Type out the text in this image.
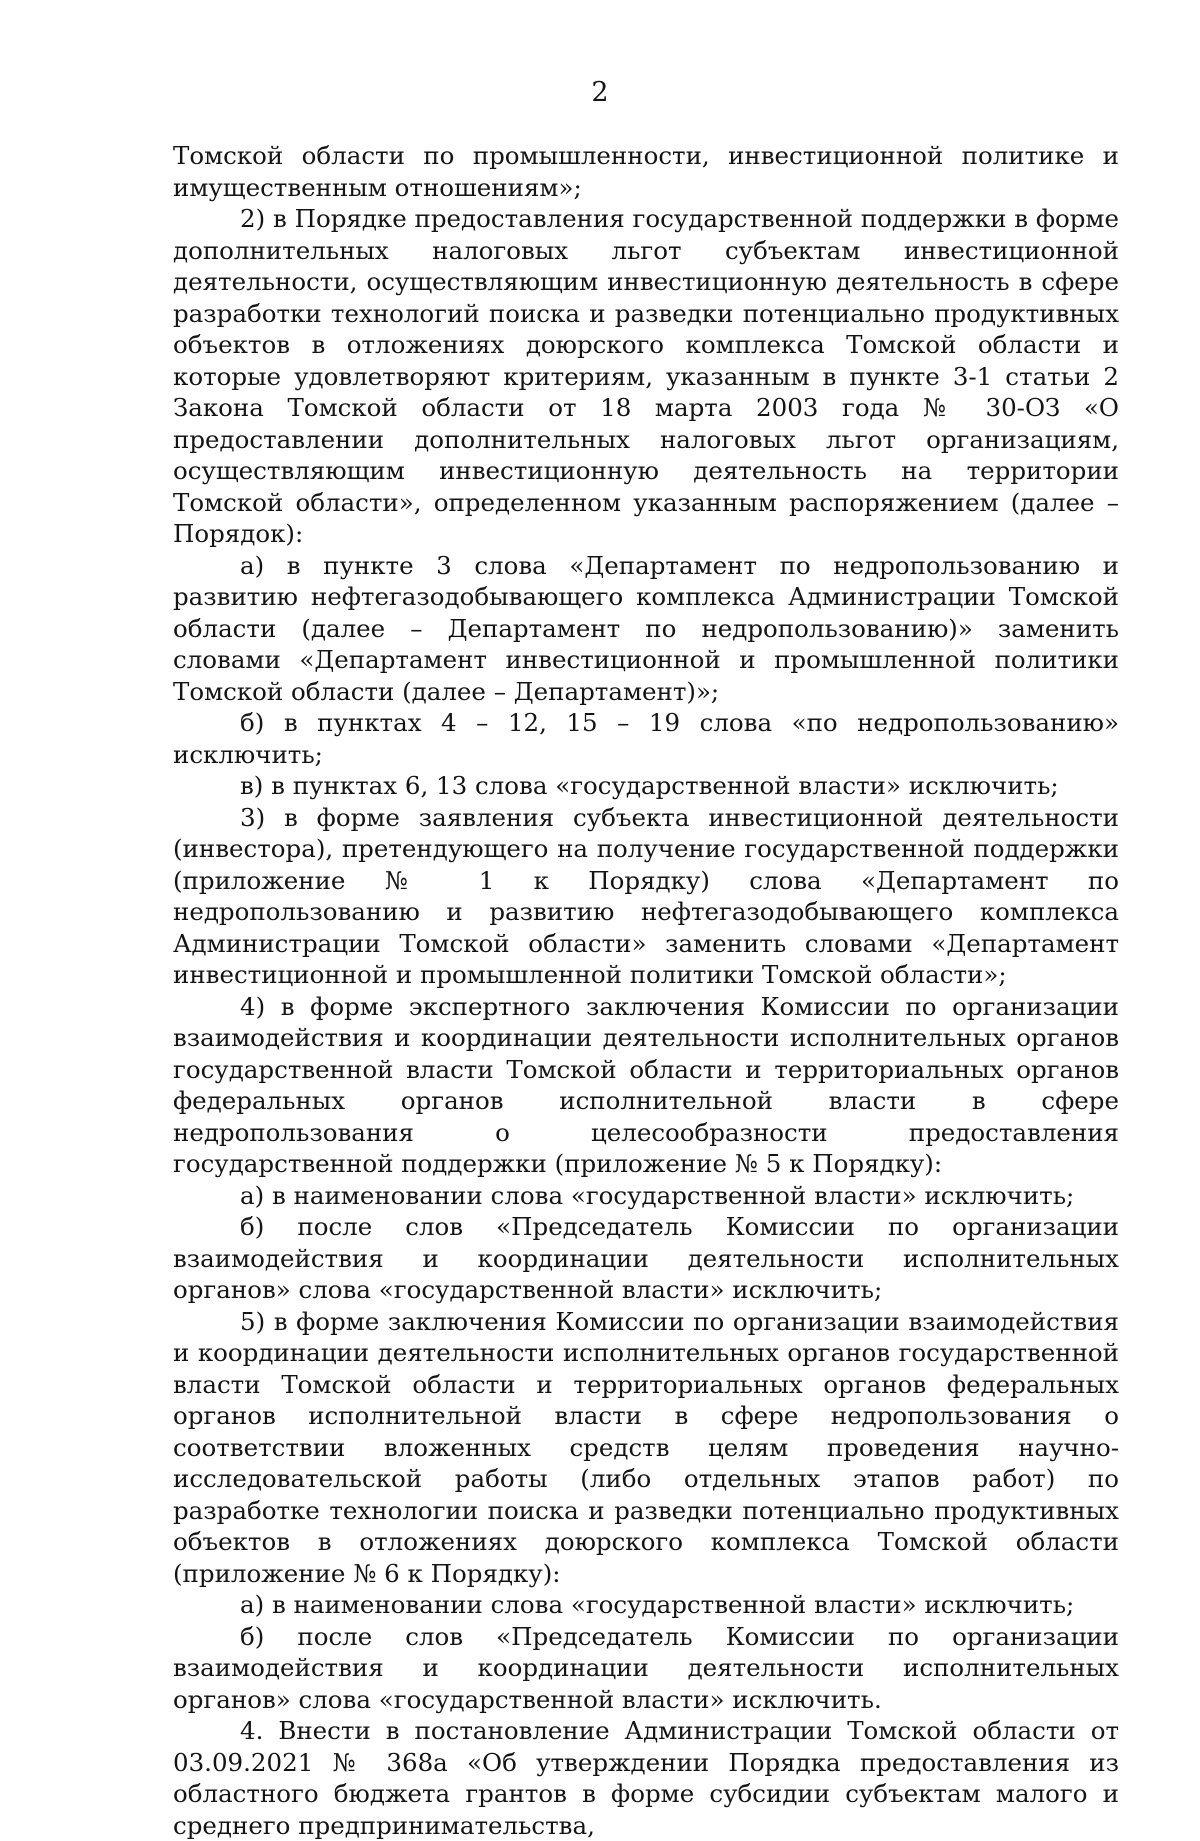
2

Томской области по промышленности, инвестиционной политике и имущественным отношениям»;

2) в Порядке предоставления государственной поддержки в форме дополнительных налоговых льгот субъектам инвестиционной деятельности, осуществляющим инвестиционную деятельность в сфере разработки технологий поиска и разведки потенциально продуктивных объектов в отложениях доюрского комплекса Томской области и которые удовлетворяют критериям, указанным в пункте 3-1 статьи 2 Закона Томской области от 18 марта 2003 года № 30-ОЗ «О предоставлении дополнительных налоговых льгот организациям, осуществляющим инвестиционную деятельность на территории Томской области», определенном указанным распоряжением (далее – Порядок):

а) в пункте 3 слова «Департамент по недропользованию и развитию нефтегазодобывающего комплекса Администрации Томской области (далее – Департамент по недропользованию)» заменить словами «Департамент инвестиционной и промышленной политики Томской области (далее – Департамент)»;

б) в пунктах 4 – 12, 15 – 19 слова «по недропользованию» исключить;

в) в пунктах 6, 13 слова «государственной власти» исключить;

3) в форме заявления субъекта инвестиционной деятельности (инвестора), претендующего на получение государственной поддержки (приложение № 1 к Порядку) слова «Департамент по недропользованию и развитию нефтегазодобывающего комплекса Администрации Томской области» заменить словами «Департамент инвестиционной и промышленной политики Томской области»;

4) в форме экспертного заключения Комиссии по организации взаимодействия и координации деятельности исполнительных органов государственной власти Томской области и территориальных органов федеральных органов исполнительной власти в сфере недропользования о целесообразности предоставления государственной поддержки (приложение № 5 к Порядку):

а) в наименовании слова «государственной власти» исключить;

б) после слов «Председатель Комиссии по организации взаимодействия и координации деятельности исполнительных органов» слова «государственной власти» исключить;

5) в форме заключения Комиссии по организации взаимодействия и координации деятельности исполнительных органов государственной власти Томской области и территориальных органов федеральных органов исполнительной власти в сфере недропользования о соответствии вложенных средств целям проведения научно-исследовательской работы (либо отдельных этапов работ) по разработке технологии поиска и разведки потенциально продуктивных объектов в отложениях доюрского комплекса Томской области (приложение № 6 к Порядку):

а) в наименовании слова «государственной власти» исключить;

б) после слов «Председатель Комиссии по организации взаимодействия и координации деятельности исполнительных органов» слова «государственной власти» исключить.

4. Внести в постановление Администрации Томской области от 03.09.2021 № 368а «Об утверждении Порядка предоставления из областного бюджета грантов в форме субсидии субъектам малого и среднего предпринимательства,
